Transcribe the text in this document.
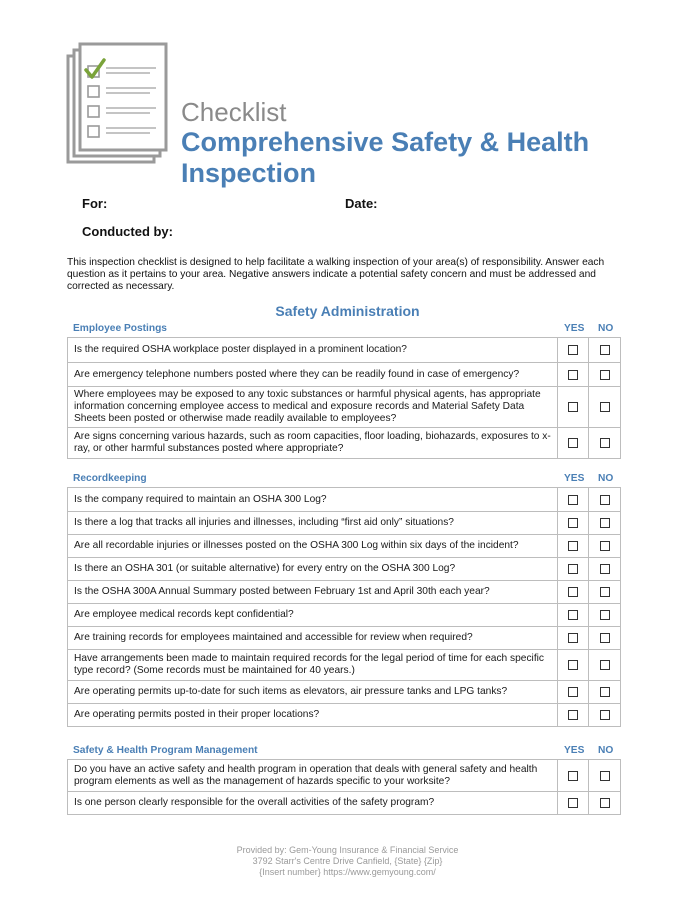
Checklist
Comprehensive Safety & Health Inspection
For:	Date:
Conducted by:
This inspection checklist is designed to help facilitate a walking inspection of your area(s) of responsibility. Answer each question as it pertains to your area. Negative answers indicate a potential safety concern and must be addressed and corrected as necessary.
Safety Administration
Employee Postings	YES NO
Is the required OSHA workplace poster displayed in a prominent location?
Are emergency telephone numbers posted where they can be readily found in case of emergency?
Where employees may be exposed to any toxic substances or harmful physical agents, has appropriate information concerning employee access to medical and exposure records and Material Safety Data Sheets been posted or otherwise made readily available to employees?
Are signs concerning various hazards, such as room capacities, floor loading, biohazards, exposures to x-ray, or other harmful substances posted where appropriate?
Recordkeeping	YES NO
Is the company required to maintain an OSHA 300 Log?
Is there a log that tracks all injuries and illnesses, including “first aid only” situations?
Are all recordable injuries or illnesses posted on the OSHA 300 Log within six days of the incident?
Is there an OSHA 301 (or suitable alternative) for every entry on the OSHA 300 Log?
Is the OSHA 300A Annual Summary posted between February 1st and April 30th each year?
Are employee medical records kept confidential?
Are training records for employees maintained and accessible for review when required?
Have arrangements been made to maintain required records for the legal period of time for each specific type record? (Some records must be maintained for 40 years.)
Are operating permits up-to-date for such items as elevators, air pressure tanks and LPG tanks?
Are operating permits posted in their proper locations?
Safety & Health Program Management	YES NO
Do you have an active safety and health program in operation that deals with general safety and health program elements as well as the management of hazards specific to your worksite?
Is one person clearly responsible for the overall activities of the safety program?
Provided by: Gem-Young Insurance & Financial Service
3792 Starr's Centre Drive Canfield, {State} {Zip}
{Insert number} https://www.gemyoung.com/
